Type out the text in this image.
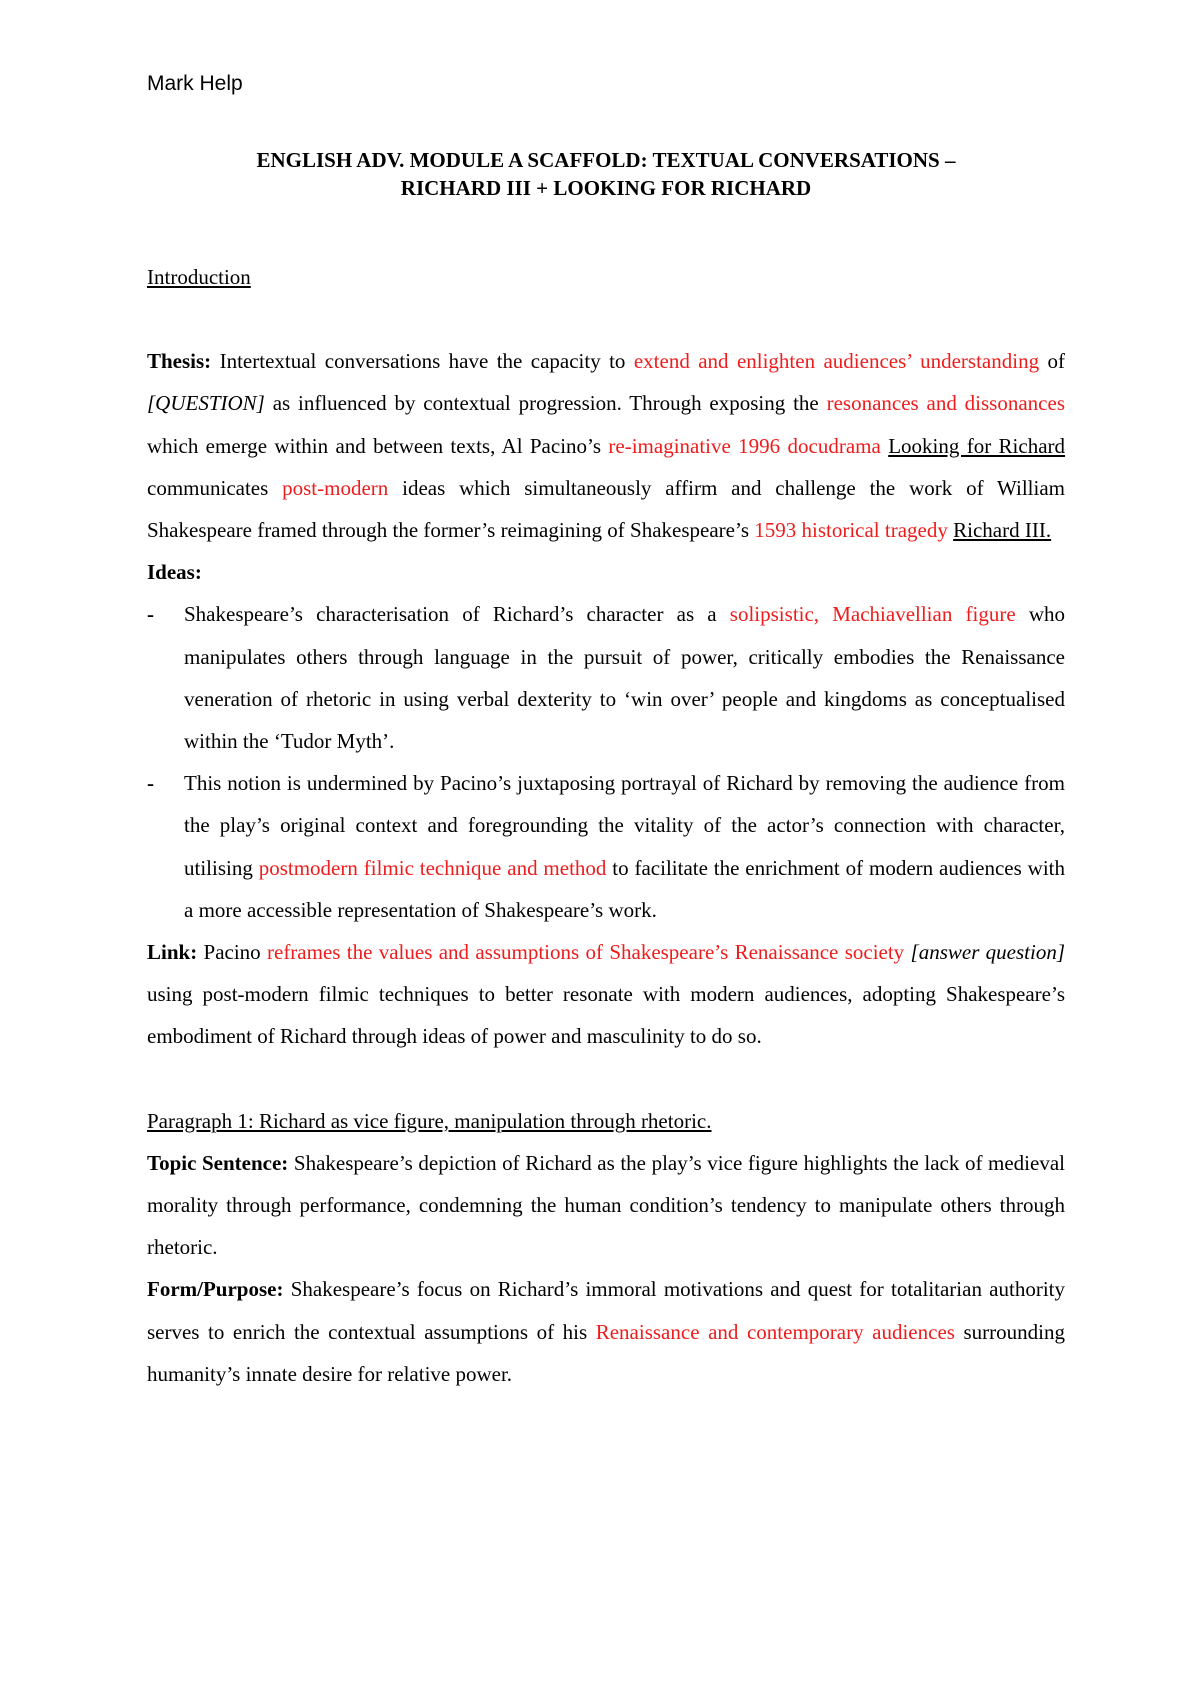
Mark Help
ENGLISH ADV. MODULE A SCAFFOLD: TEXTUAL CONVERSATIONS –
RICHARD III + LOOKING FOR RICHARD

Introduction

Thesis: Intertextual conversations have the capacity to extend and enlighten audiences’ understanding of [QUESTION] as influenced by contextual progression. Through exposing the resonances and dissonances which emerge within and between texts, Al Pacino’s re-imaginative 1996 docudrama Looking for Richard communicates post-modern ideas which simultaneously affirm and challenge the work of William Shakespeare framed through the former’s reimagining of Shakespeare’s 1593 historical tragedy Richard III.

Ideas:

- Shakespeare’s characterisation of Richard’s character as a solipsistic, Machiavellian figure who manipulates others through language in the pursuit of power, critically embodies the Renaissance veneration of rhetoric in using verbal dexterity to ‘win over’ people and kingdoms as conceptualised within the ‘Tudor Myth’.
- This notion is undermined by Pacino’s juxtaposing portrayal of Richard by removing the audience from the play’s original context and foregrounding the vitality of the actor’s connection with character, utilising postmodern filmic technique and method to facilitate the enrichment of modern audiences with a more accessible representation of Shakespeare’s work.

Link: Pacino reframes the values and assumptions of Shakespeare’s Renaissance society [answer question] using post-modern filmic techniques to better resonate with modern audiences, adopting Shakespeare’s embodiment of Richard through ideas of power and masculinity to do so.

Paragraph 1: Richard as vice figure, manipulation through rhetoric.

Topic Sentence: Shakespeare’s depiction of Richard as the play’s vice figure highlights the lack of medieval morality through performance, condemning the human condition’s tendency to manipulate others through rhetoric.

Form/Purpose: Shakespeare’s focus on Richard’s immoral motivations and quest for totalitarian authority serves to enrich the contextual assumptions of his Renaissance and contemporary audiences surrounding humanity’s innate desire for relative power.
